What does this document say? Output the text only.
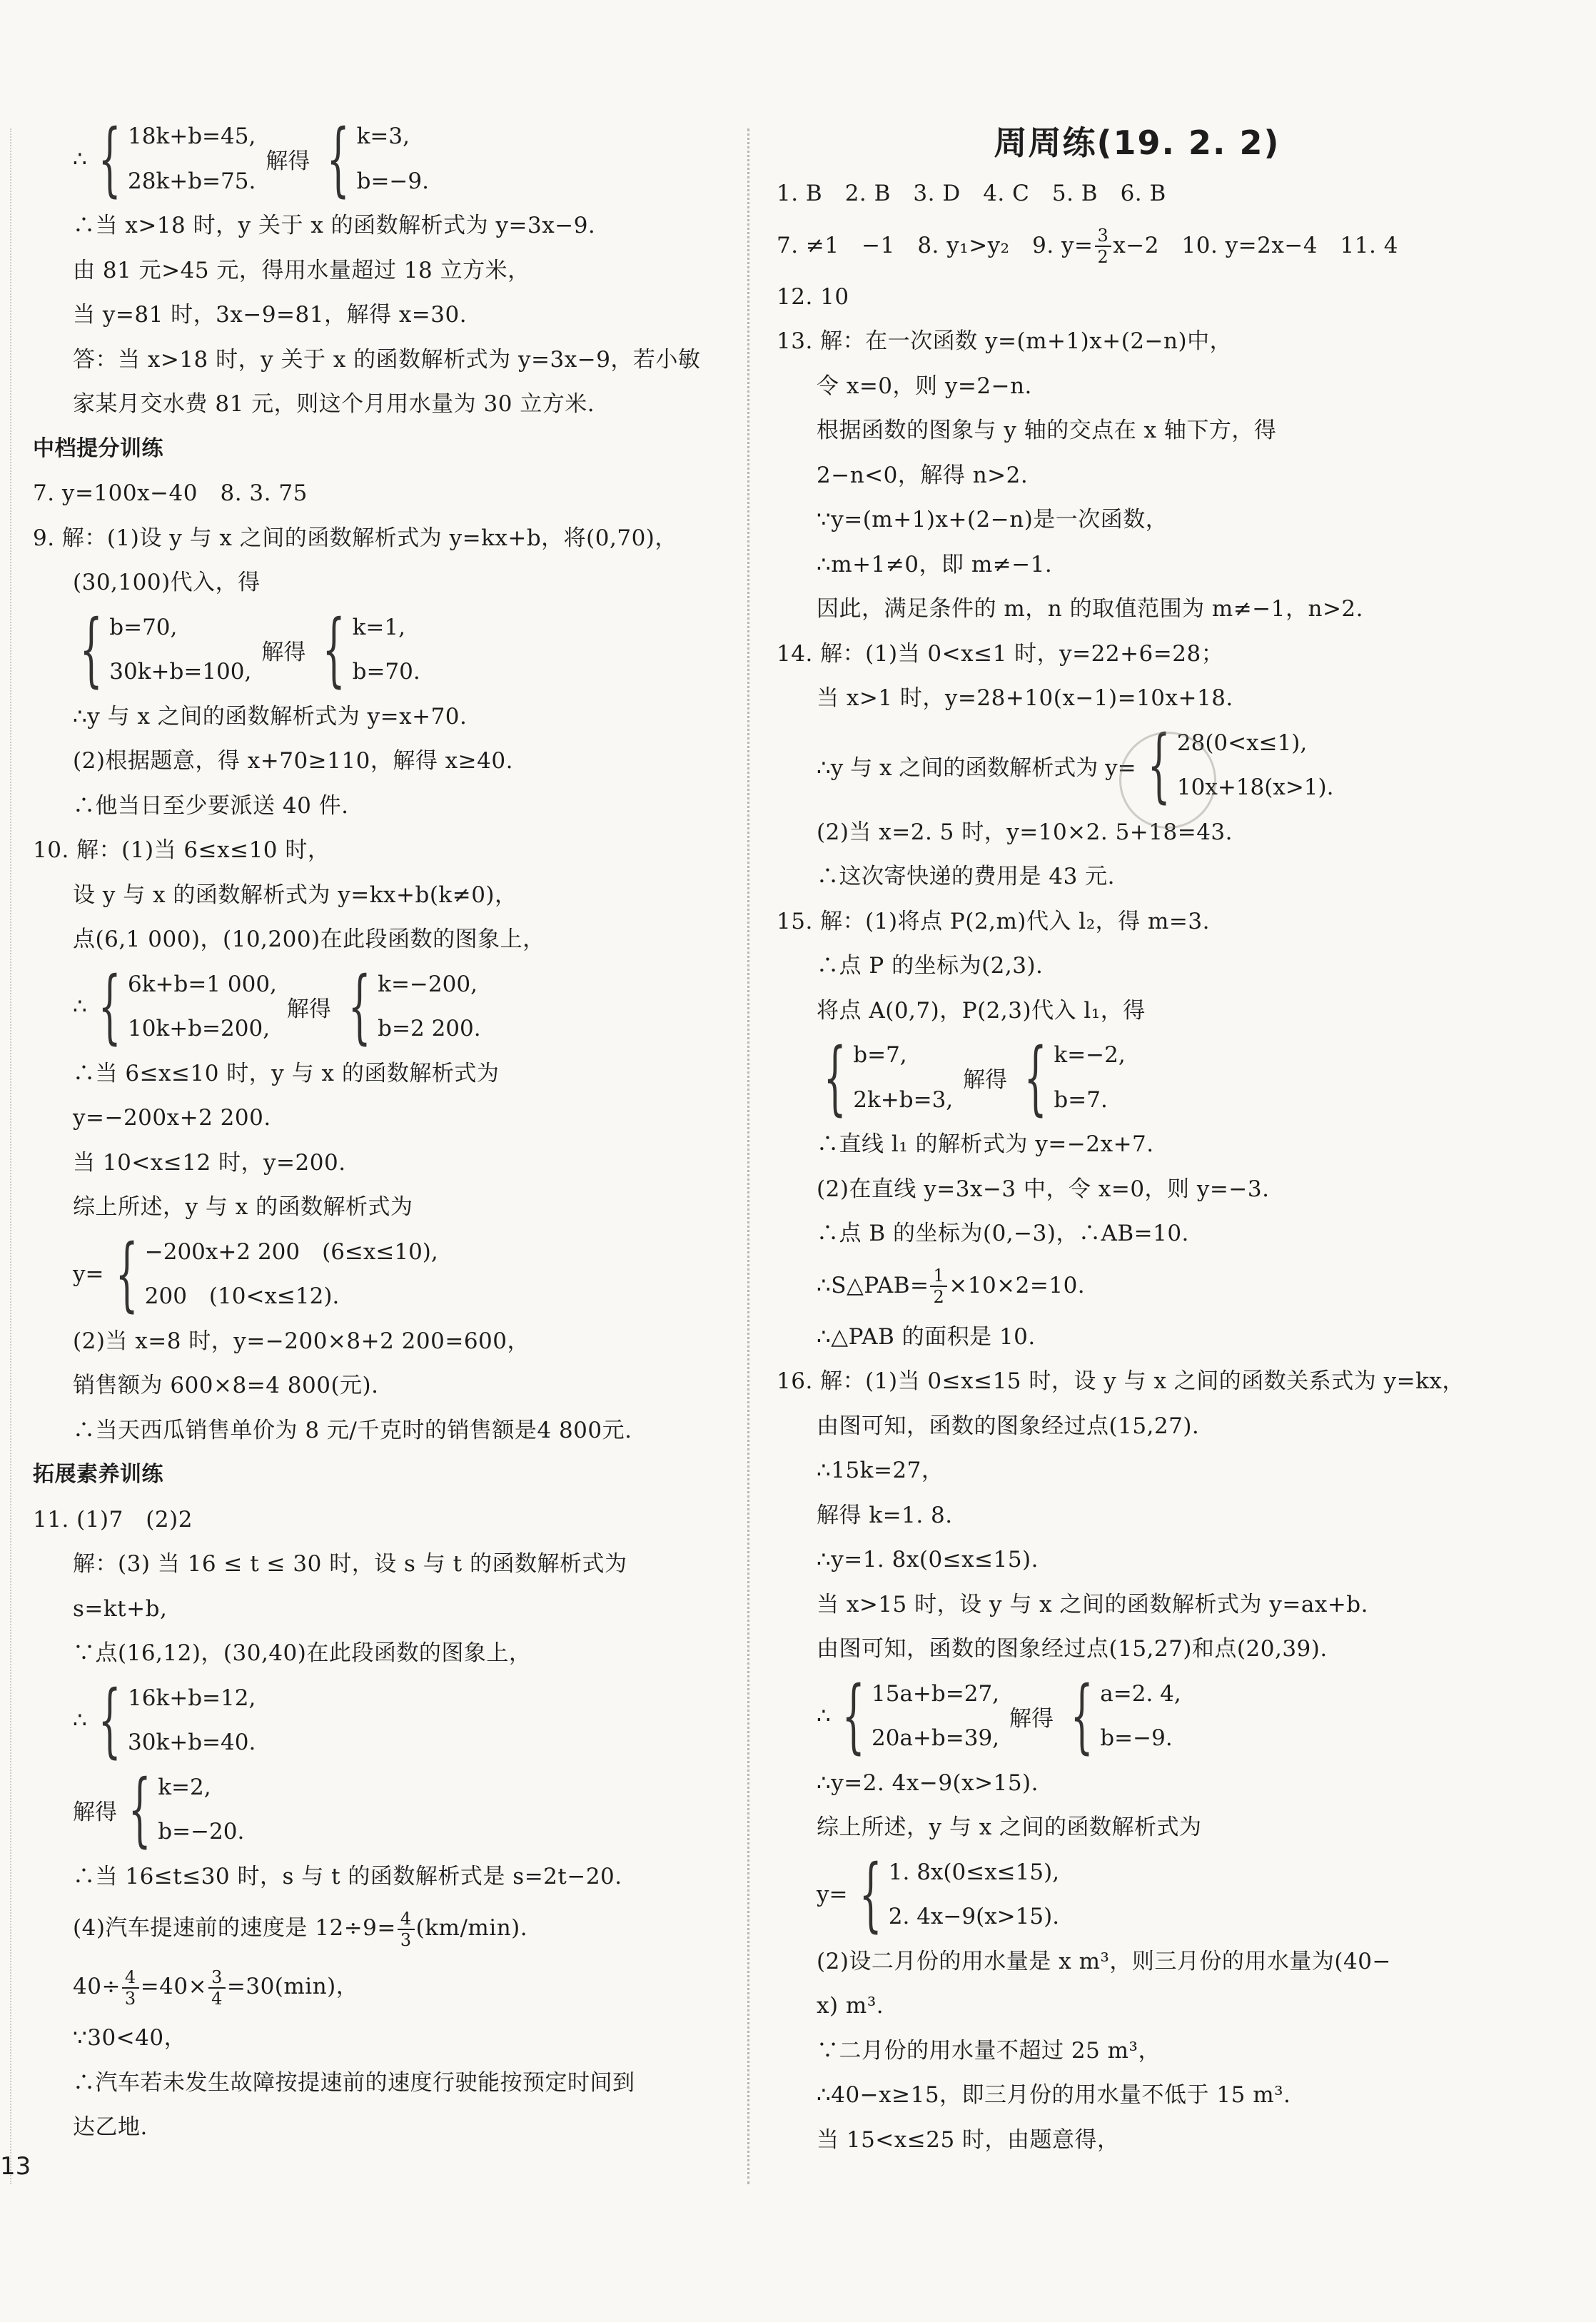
∴ { 18k+b=45,
28k+b=75.
解得 { k=3,
b=−9.
∴当 x>18 时，y 关于 x 的函数解析式为 y=3x−9.
由 81 元>45 元，得用水量超过 18 立方米，
当 y=81 时，3x−9=81，解得 x=30.
答：当 x>18 时，y 关于 x 的函数解析式为 y=3x−9，若小敏
家某月交水费 81 元，则这个月用水量为 30 立方米.
中档提分训练
7. y=100x−40　8. 3. 75
9. 解：(1)设 y 与 x 之间的函数解析式为 y=kx+b，将(0,70)，
(30,100)代入，得
{ b=70,
30k+b=100,
解得 { k=1,
b=70.
∴y 与 x 之间的函数解析式为 y=x+70.
(2)根据题意，得 x+70≥110，解得 x≥40.
∴他当日至少要派送 40 件.
10. 解：(1)当 6≤x≤10 时，
设 y 与 x 的函数解析式为 y=kx+b(k≠0)，
点(6,1 000)，(10,200)在此段函数的图象上，
∴ { 6k+b=1 000,
10k+b=200,
解得 { k=−200,
b=2 200.
∴当 6≤x≤10 时，y 与 x 的函数解析式为
y=−200x+2 200.
当 10<x≤12 时，y=200.
综上所述，y 与 x 的函数解析式为
y= { −200x+2 200　(6≤x≤10),
200　(10<x≤12).
(2)当 x=8 时，y=−200×8+2 200=600，
销售额为 600×8=4 800(元).
∴当天西瓜销售单价为 8 元/千克时的销售额是4 800元.
拓展素养训练
11. (1)7　(2)2
解：(3) 当 16 ≤ t ≤ 30 时，设 s 与 t 的函数解析式为
s=kt+b,
∵点(16,12)，(30,40)在此段函数的图象上，
∴ { 16k+b=12,
30k+b=40.
解得 { k=2,
b=−20.
∴当 16≤t≤30 时，s 与 t 的函数解析式是 s=2t−20.
(4)汽车提速前的速度是 $12\div 9= \frac{4}{3} (km/\min)$.
$40\div \frac{4}{3} =40\times \frac{3}{4} =30(\min)$，
∵30<40，
∴汽车若未发生故障按提速前的速度行驶能按预定时间到
达乙地.
周周练(19. 2. 2)
1. B　2. B　3. D　4. C　5. B　6. B
7. ≠1　−1　8. y₁>y₂　9. $y= \frac{3}{2} x-2$　10. y=2x−4　11. 4
12. 10
13. 解：在一次函数 y=(m+1)x+(2−n)中，
令 x=0，则 y=2−n.
根据函数的图象与 y 轴的交点在 x 轴下方，得
2−n<0，解得 n>2.
∵y=(m+1)x+(2−n)是一次函数，
∴m+1≠0，即 m≠−1.
因此，满足条件的 m，n 的取值范围为 m≠−1，n>2.
14. 解：(1)当 0<x≤1 时，y=22+6=28；
当 x>1 时，y=28+10(x−1)=10x+18.
∴y 与 x 之间的函数解析式为 y= { 28(0<x≤1),
10x+18(x>1).
(2)当 x=2. 5 时，y=10×2. 5+18=43.
∴这次寄快递的费用是 43 元.
15. 解：(1)将点 P(2,m)代入 l₂，得 m=3.
∴点 P 的坐标为(2,3).
将点 A(0,7)，P(2,3)代入 l₁，得
{ b=7,
2k+b=3,
解得 { k=−2,
b=7.
∴直线 l₁ 的解析式为 y=−2x+7.
(2)在直线 y=3x−3 中，令 x=0，则 y=−3.
∴点 B 的坐标为(0,−3)，∴AB=10.
∴S△PAB= $\frac{1}{2} \times 10\times 2=10$.
∴△PAB 的面积是 10.
16. 解：(1)当 0≤x≤15 时，设 y 与 x 之间的函数关系式为 y=kx，
由图可知，函数的图象经过点(15,27).
∴15k=27，
解得 k=1. 8.
∴y=1. 8x(0≤x≤15).
当 x>15 时，设 y 与 x 之间的函数解析式为 y=ax+b.
由图可知，函数的图象经过点(15,27)和点(20,39).
∴ { 15a+b=27,
20a+b=39,
解得 { a=2. 4,
b=−9.
∴y=2. 4x−9(x>15).
综上所述，y 与 x 之间的函数解析式为
y= { 1. 8x(0≤x≤15),
2. 4x−9(x>15).
(2)设二月份的用水量是 x m³，则三月份的用水量为(40−
x) m³.
∵二月份的用水量不超过 25 m³，
∴40−x≥15，即三月份的用水量不低于 15 m³.
当 15<x≤25 时，由题意得，
13
